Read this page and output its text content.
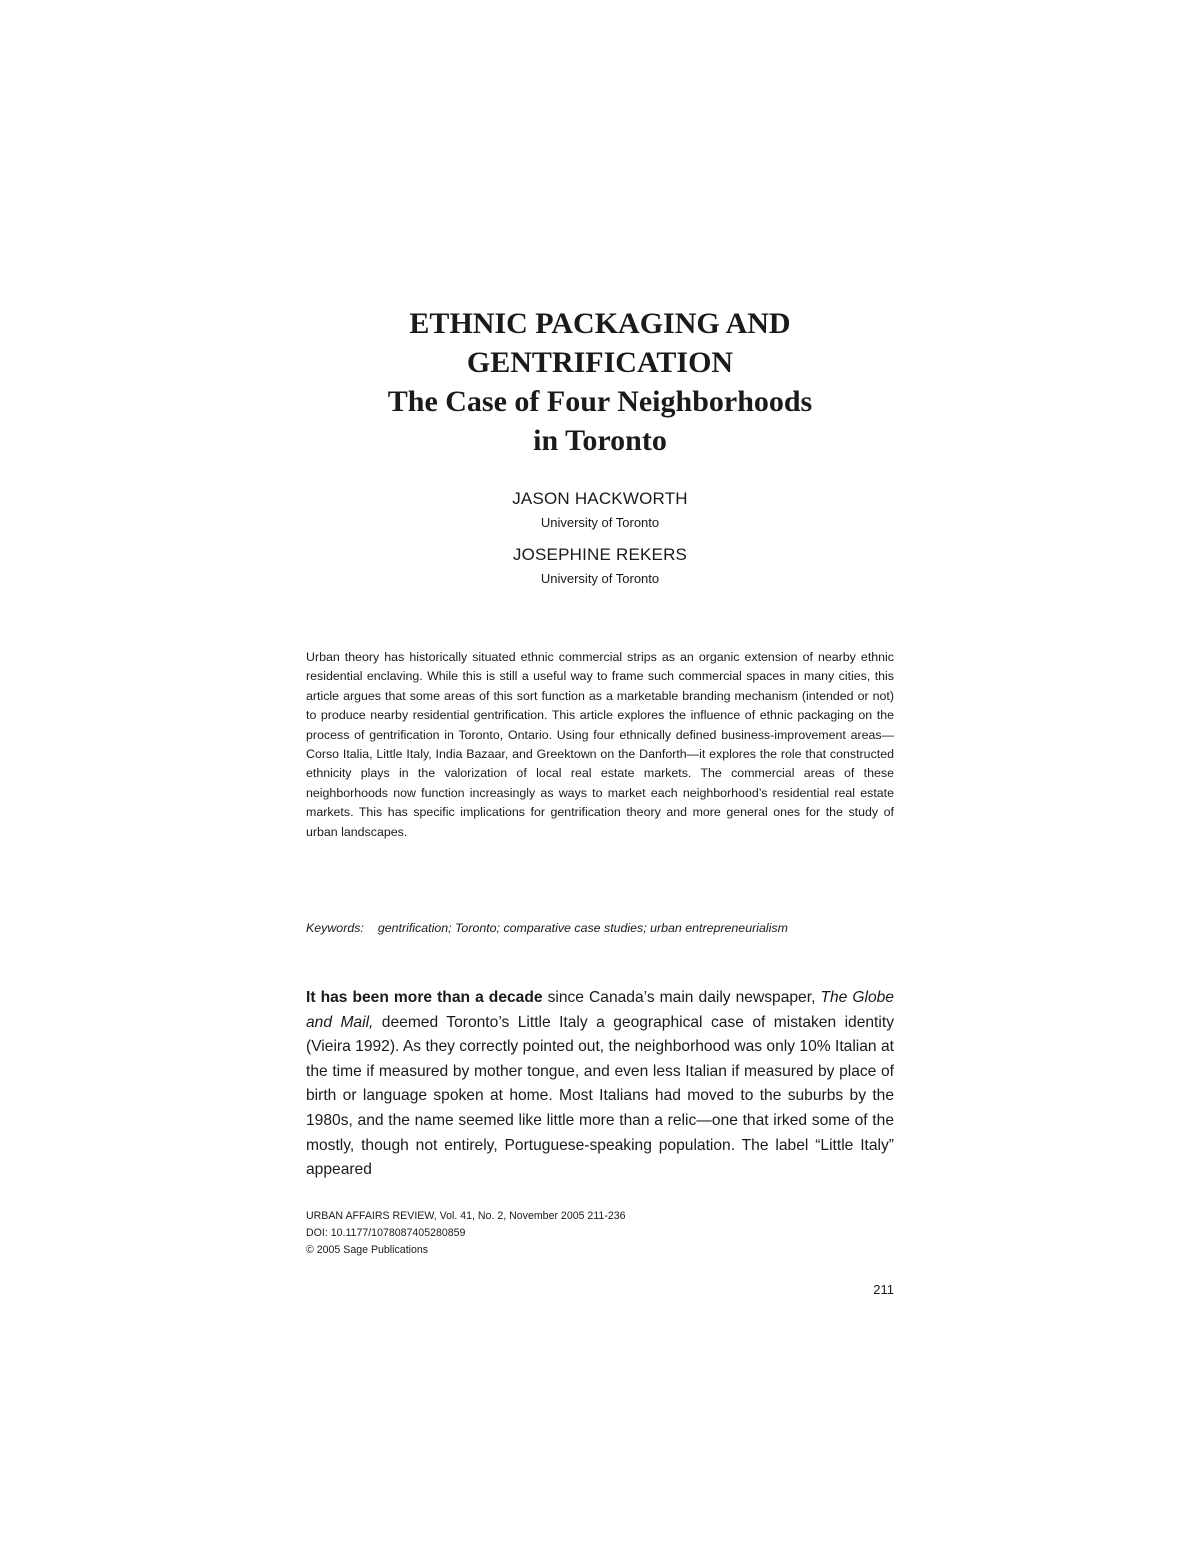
ETHNIC PACKAGING AND
GENTRIFICATION
The Case of Four Neighborhoods
in Toronto
JASON HACKWORTH
University of Toronto
JOSEPHINE REKERS
University of Toronto

Urban theory has historically situated ethnic commercial strips as an organic extension of nearby ethnic residential enclaving. While this is still a useful way to frame such commercial spaces in many cities, this article argues that some areas of this sort function as a marketable branding mechanism (intended or not) to produce nearby residential gentrification. This article explores the influence of ethnic packaging on the process of gentrification in Toronto, Ontario. Using four ethnically defined business-improvement areas—Corso Italia, Little Italy, India Bazaar, and Greektown on the Danforth—it explores the role that constructed ethnicity plays in the valorization of local real estate markets. The commercial areas of these neighborhoods now function increasingly as ways to market each neighborhood’s residential real estate markets. This has specific implications for gentrification theory and more general ones for the study of urban landscapes.

Keywords: gentrification; Toronto; comparative case studies; urban entrepreneurialism

It has been more than a decade since Canada’s main daily newspaper, The Globe and Mail, deemed Toronto’s Little Italy a geographical case of mistaken identity (Vieira 1992). As they correctly pointed out, the neighborhood was only 10% Italian at the time if measured by mother tongue, and even less Italian if measured by place of birth or language spoken at home. Most Italians had moved to the suburbs by the 1980s, and the name seemed like little more than a relic—one that irked some of the mostly, though not entirely, Portuguese-speaking population. The label “Little Italy” appeared

URBAN AFFAIRS REVIEW, Vol. 41, No. 2, November 2005 211-236
DOI: 10.1177/1078087405280859
© 2005 Sage Publications
211
